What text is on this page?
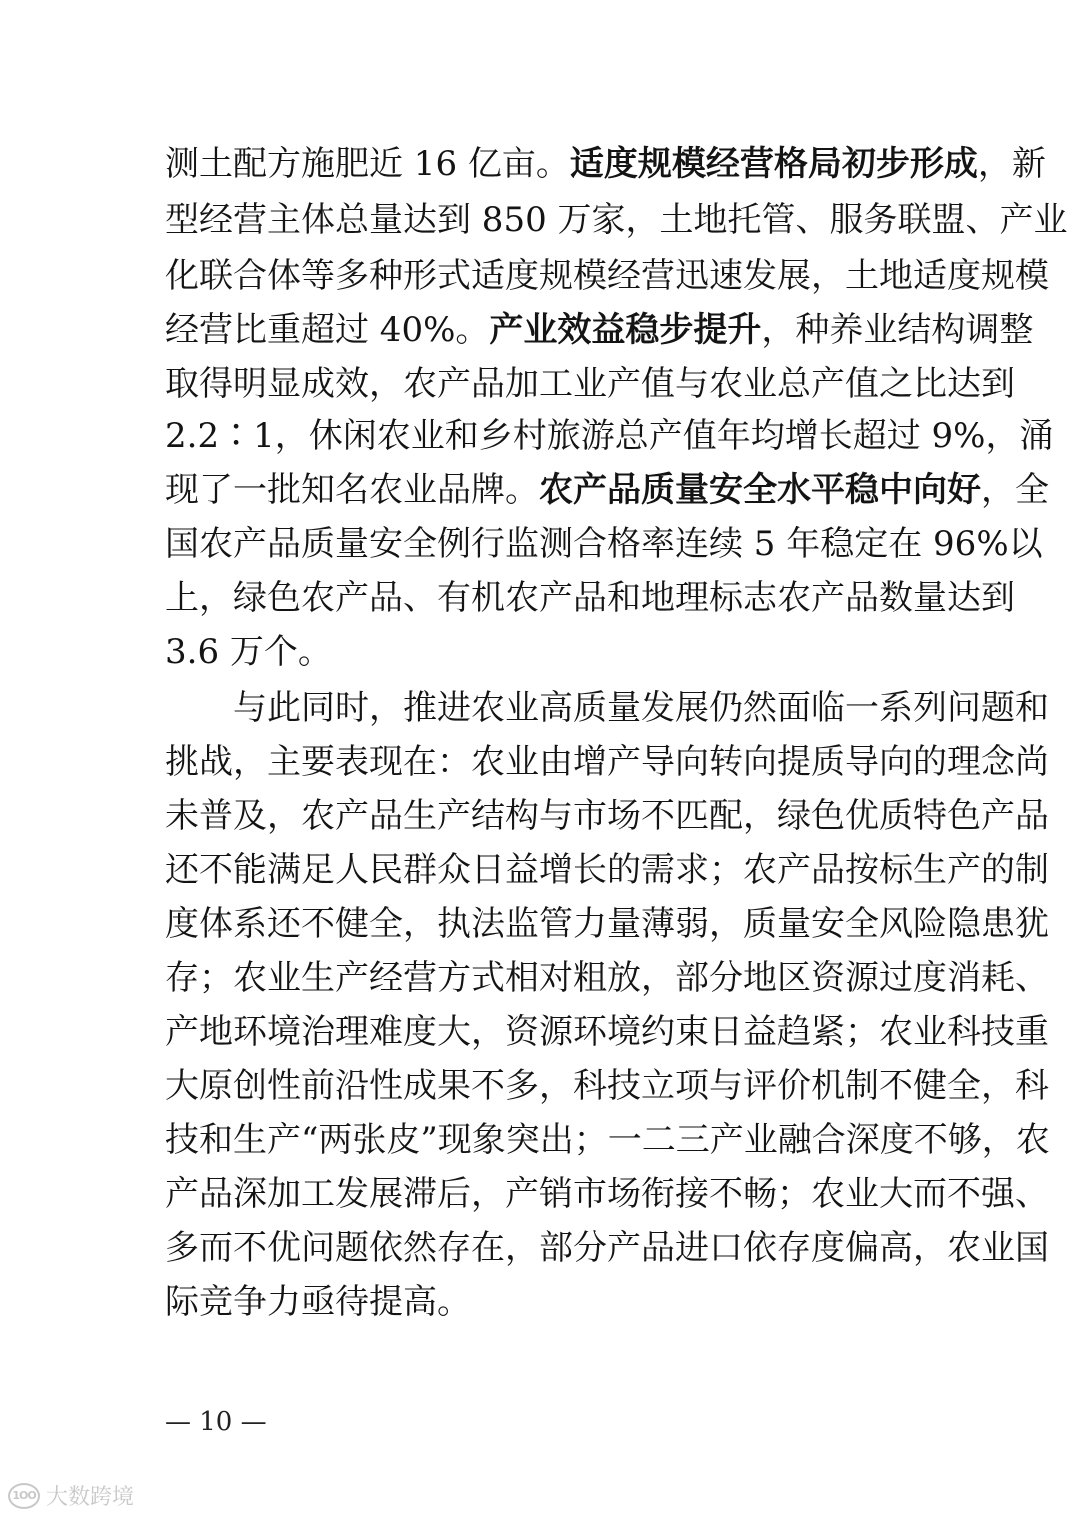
测土配方施肥近 16 亿亩。适度规模经营格局初步形成，新
型经营主体总量达到 850 万家，土地托管、服务联盟、产业
化联合体等多种形式适度规模经营迅速发展，土地适度规模
经营比重超过 40%。产业效益稳步提升，种养业结构调整
取得明显成效，农产品加工业产值与农业总产值之比达到
2.2∶1，休闲农业和乡村旅游总产值年均增长超过 9%，涌
现了一批知名农业品牌。农产品质量安全水平稳中向好，全
国农产品质量安全例行监测合格率连续 5 年稳定在 96%以
上，绿色农产品、有机农产品和地理标志农产品数量达到
3.6 万个。
　　与此同时，推进农业高质量发展仍然面临一系列问题和
挑战，主要表现在：农业由增产导向转向提质导向的理念尚
未普及，农产品生产结构与市场不匹配，绿色优质特色产品
还不能满足人民群众日益增长的需求；农产品按标生产的制
度体系还不健全，执法监管力量薄弱，质量安全风险隐患犹
存；农业生产经营方式相对粗放，部分地区资源过度消耗、
产地环境治理难度大，资源环境约束日益趋紧；农业科技重
大原创性前沿性成果不多，科技立项与评价机制不健全，科
技和生产“两张皮”现象突出；一二三产业融合深度不够，农
产品深加工发展滞后，产销市场衔接不畅；农业大而不强、
多而不优问题依然存在，部分产品进口依存度偏高，农业国
际竞争力亟待提高。
— 10 —
1OO 大数跨境
